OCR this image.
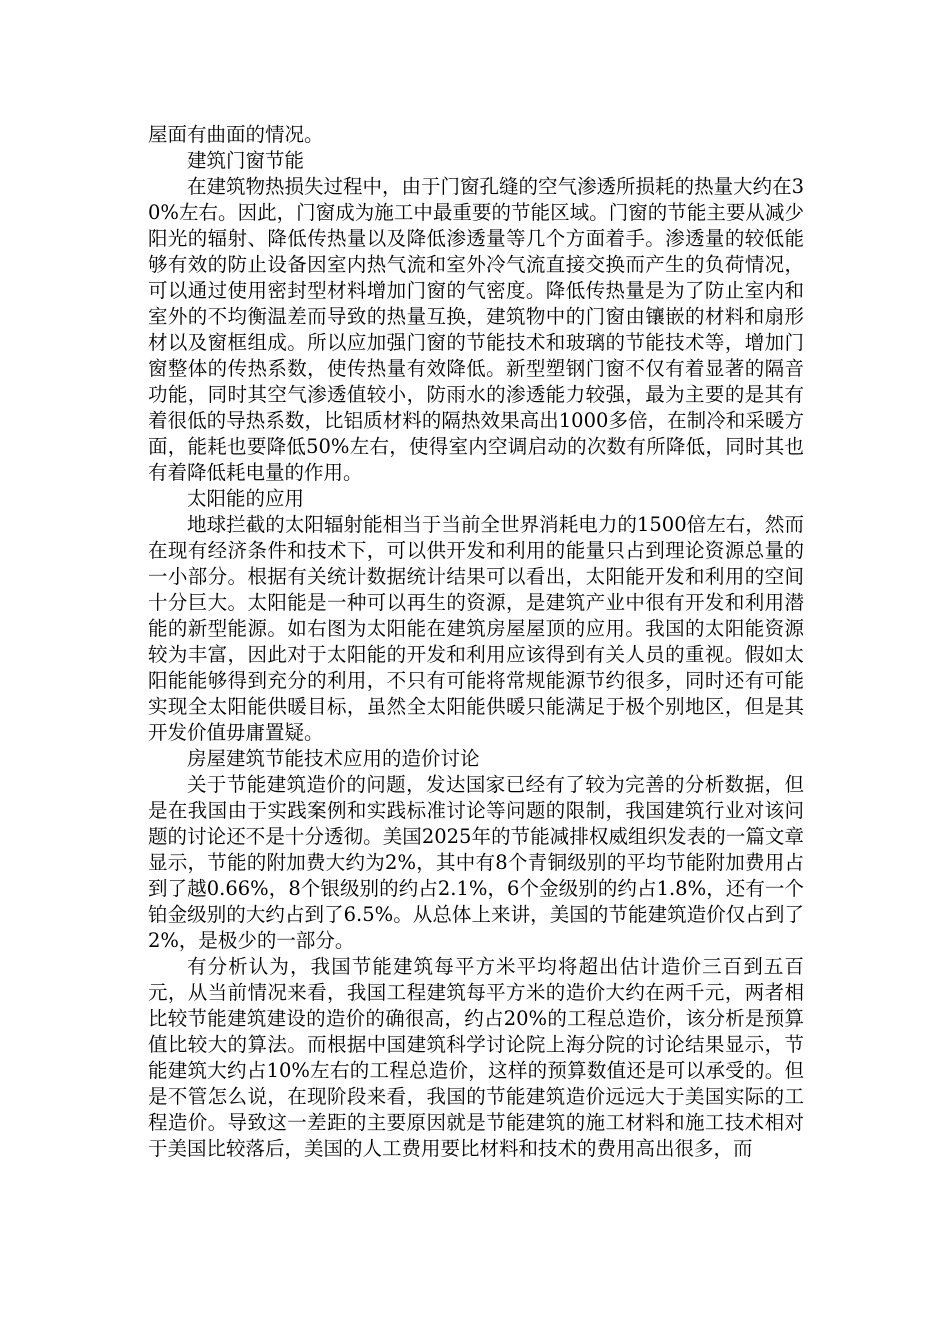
屋面有曲面的情况。

建筑门窗节能

在建筑物热损失过程中，由于门窗孔缝的空气渗透所损耗的热量大约在30%左右。因此，门窗成为施工中最重要的节能区域。门窗的节能主要从减少阳光的辐射、降低传热量以及降低渗透量等几个方面着手。渗透量的较低能够有效的防止设备因室内热气流和室外冷气流直接交换而产生的负荷情况，可以通过使用密封型材料增加门窗的气密度。降低传热量是为了防止室内和室外的不均衡温差而导致的热量互换，建筑物中的门窗由镶嵌的材料和扇形材以及窗框组成。所以应加强门窗的节能技术和玻璃的节能技术等，增加门窗整体的传热系数，使传热量有效降低。新型塑钢门窗不仅有着显著的隔音功能，同时其空气渗透值较小，防雨水的渗透能力较强，最为主要的是其有着很低的导热系数，比铝质材料的隔热效果高出1000多倍，在制冷和采暖方面，能耗也要降低50%左右，使得室内空调启动的次数有所降低，同时其也有着降低耗电量的作用。

太阳能的应用

地球拦截的太阳辐射能相当于当前全世界消耗电力的1500倍左右，然而在现有经济条件和技术下，可以供开发和利用的能量只占到理论资源总量的一小部分。根据有关统计数据统计结果可以看出，太阳能开发和利用的空间十分巨大。太阳能是一种可以再生的资源，是建筑产业中很有开发和利用潜能的新型能源。如右图为太阳能在建筑房屋屋顶的应用。我国的太阳能资源较为丰富，因此对于太阳能的开发和利用应该得到有关人员的重视。假如太阳能能够得到充分的利用，不只有可能将常规能源节约很多，同时还有可能实现全太阳能供暖目标，虽然全太阳能供暖只能满足于极个别地区，但是其开发价值毋庸置疑。

房屋建筑节能技术应用的造价讨论

关于节能建筑造价的问题，发达国家已经有了较为完善的分析数据，但是在我国由于实践案例和实践标准讨论等问题的限制，我国建筑行业对该问题的讨论还不是十分透彻。美国2025年的节能减排权威组织发表的一篇文章显示，节能的附加费大约为2%，其中有8个青铜级别的平均节能附加费用占到了越0.66%，8个银级别的约占2.1%，6个金级别的约占1.8%，还有一个铂金级别的大约占到了6.5%。从总体上来讲，美国的节能建筑造价仅占到了2%，是极少的一部分。

有分析认为，我国节能建筑每平方米平均将超出估计造价三百到五百元，从当前情况来看，我国工程建筑每平方米的造价大约在两千元，两者相比较节能建筑建设的造价的确很高，约占20%的工程总造价，该分析是预算值比较大的算法。而根据中国建筑科学讨论院上海分院的讨论结果显示，节能建筑大约占10%左右的工程总造价，这样的预算数值还是可以承受的。但是不管怎么说，在现阶段来看，我国的节能建筑造价远远大于美国实际的工程造价。导致这一差距的主要原因就是节能建筑的施工材料和施工技术相对于美国比较落后，美国的人工费用要比材料和技术的费用高出很多，而
